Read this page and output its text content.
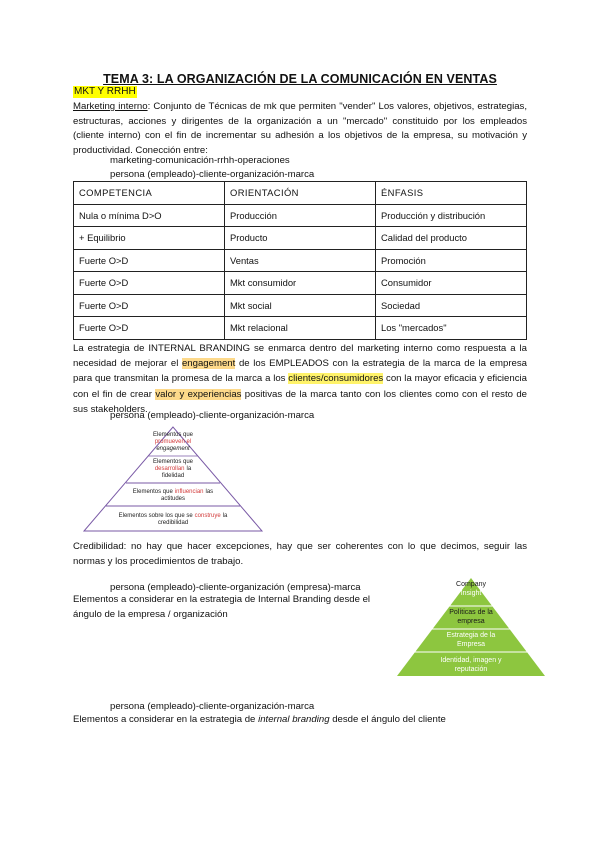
TEMA 3: LA ORGANIZACIÓN DE LA COMUNICACIÓN EN VENTAS
MKT Y RRHH
Marketing interno: Conjunto de Técnicas de mk que permiten "vender" Los valores, objetivos, estrategias, estructuras, acciones y dirigentes de la organización a un "mercado" constituido por los empleados (cliente interno) con el fin de incrementar su adhesión a los objetivos de la empresa, su motivación y productividad. Conección entre:
marketing-comunicación-rrhh-operaciones
persona (empleado)-cliente-organización-marca
COMPETENCIA	ORIENTACIÓN	ÉNFASIS
Nula o mínima D>O	Producción	Producción y distribución
+ Equilibrio	Producto	Calidad del producto
Fuerte O>D	Ventas	Promoción
Fuerte O>D	Mkt consumidor	Consumidor
Fuerte O>D	Mkt social	Sociedad
Fuerte O>D	Mkt relacional	Los "mercados"
La estrategia de INTERNAL BRANDING se enmarca dentro del marketing interno como respuesta a la necesidad de mejorar el engagement de los EMPLEADOS con la estrategia de la marca de la empresa para que transmitan la promesa de la marca a los clientes/consumidores con la mayor eficacia y eficiencia con el fin de crear valor y experiencias positivas de la marca tanto con los clientes como con el resto de sus stakeholders.
persona (empleado)-cliente-organización-marca
Elementos que
promueven el
engagement
Elementos que
desarrollan la
fidelidad
Elementos que influencian las
actitudes
Elementos sobre los que se construye la
credibilidad
Credibilidad: no hay que hacer excepciones, hay que ser coherentes con lo que decimos, seguir las normas y los procedimientos de trabajo.
persona (empleado)-cliente-organización (empresa)-marca
Elementos a considerar en la estrategia de Internal Branding desde el ángulo de la empresa / organización
Company
Insight
Políticas de la
empresa
Estrategia de la
Empresa
Identidad, imagen y
reputación
persona (empleado)-cliente-organización-marca
Elementos a considerar en la estrategia de internal branding desde el ángulo del cliente
